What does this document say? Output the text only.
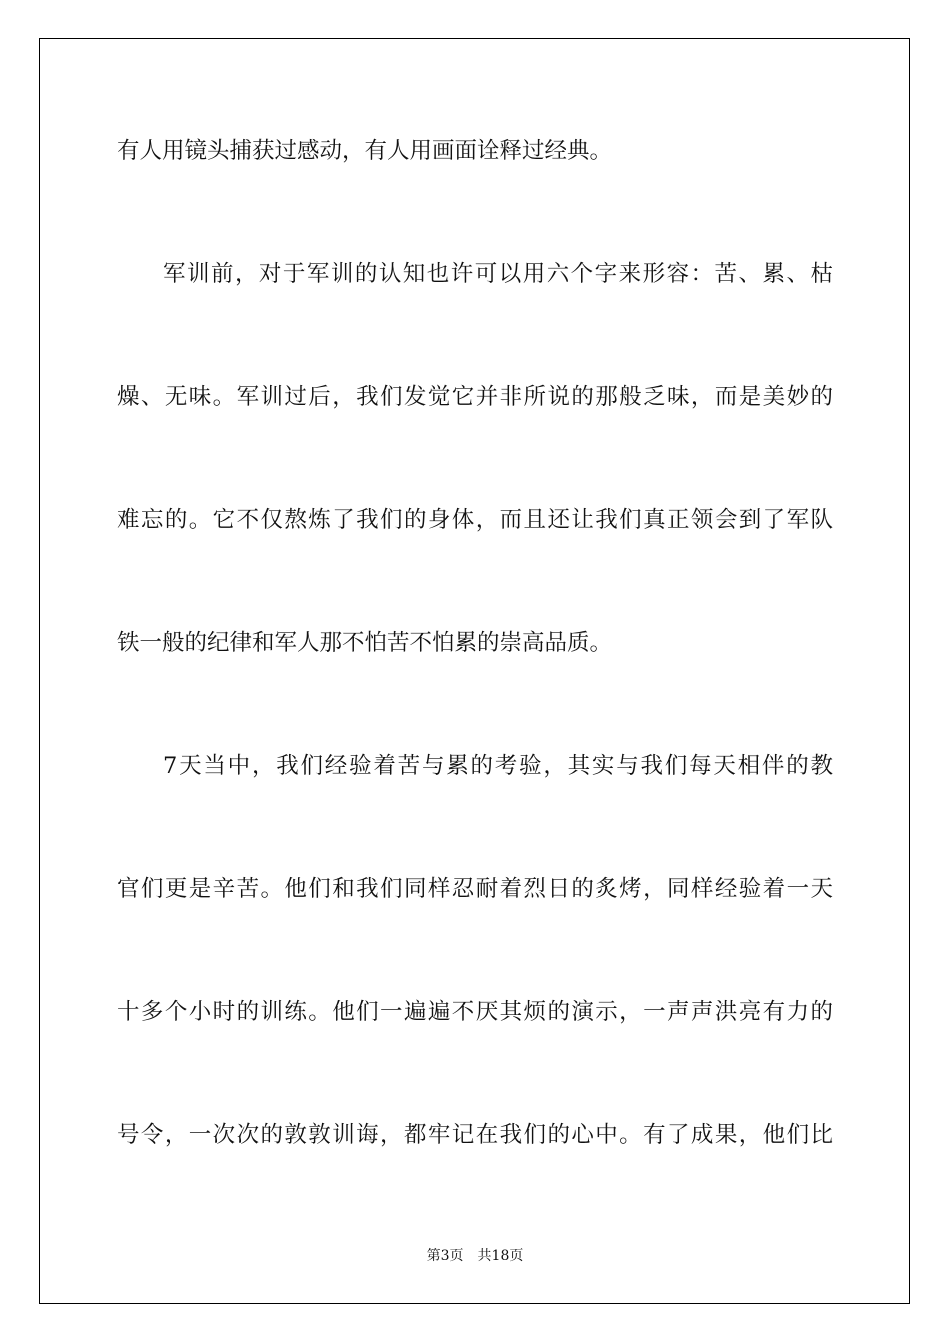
有人用镜头捕获过感动，有人用画面诠释过经典。
军训前，对于军训的认知也许可以用六个字来形容：苦、累、枯
燥、无味。军训过后，我们发觉它并非所说的那般乏味，而是美妙的
难忘的。它不仅熬炼了我们的身体，而且还让我们真正领会到了军队
铁一般的纪律和军人那不怕苦不怕累的崇高品质。
7天当中，我们经验着苦与累的考验，其实与我们每天相伴的教
官们更是辛苦。他们和我们同样忍耐着烈日的炙烤，同样经验着一天
十多个小时的训练。他们一遍遍不厌其烦的演示，一声声洪亮有力的
号令，一次次的敦敦训诲，都牢记在我们的心中。有了成果，他们比
第3页 共18页
